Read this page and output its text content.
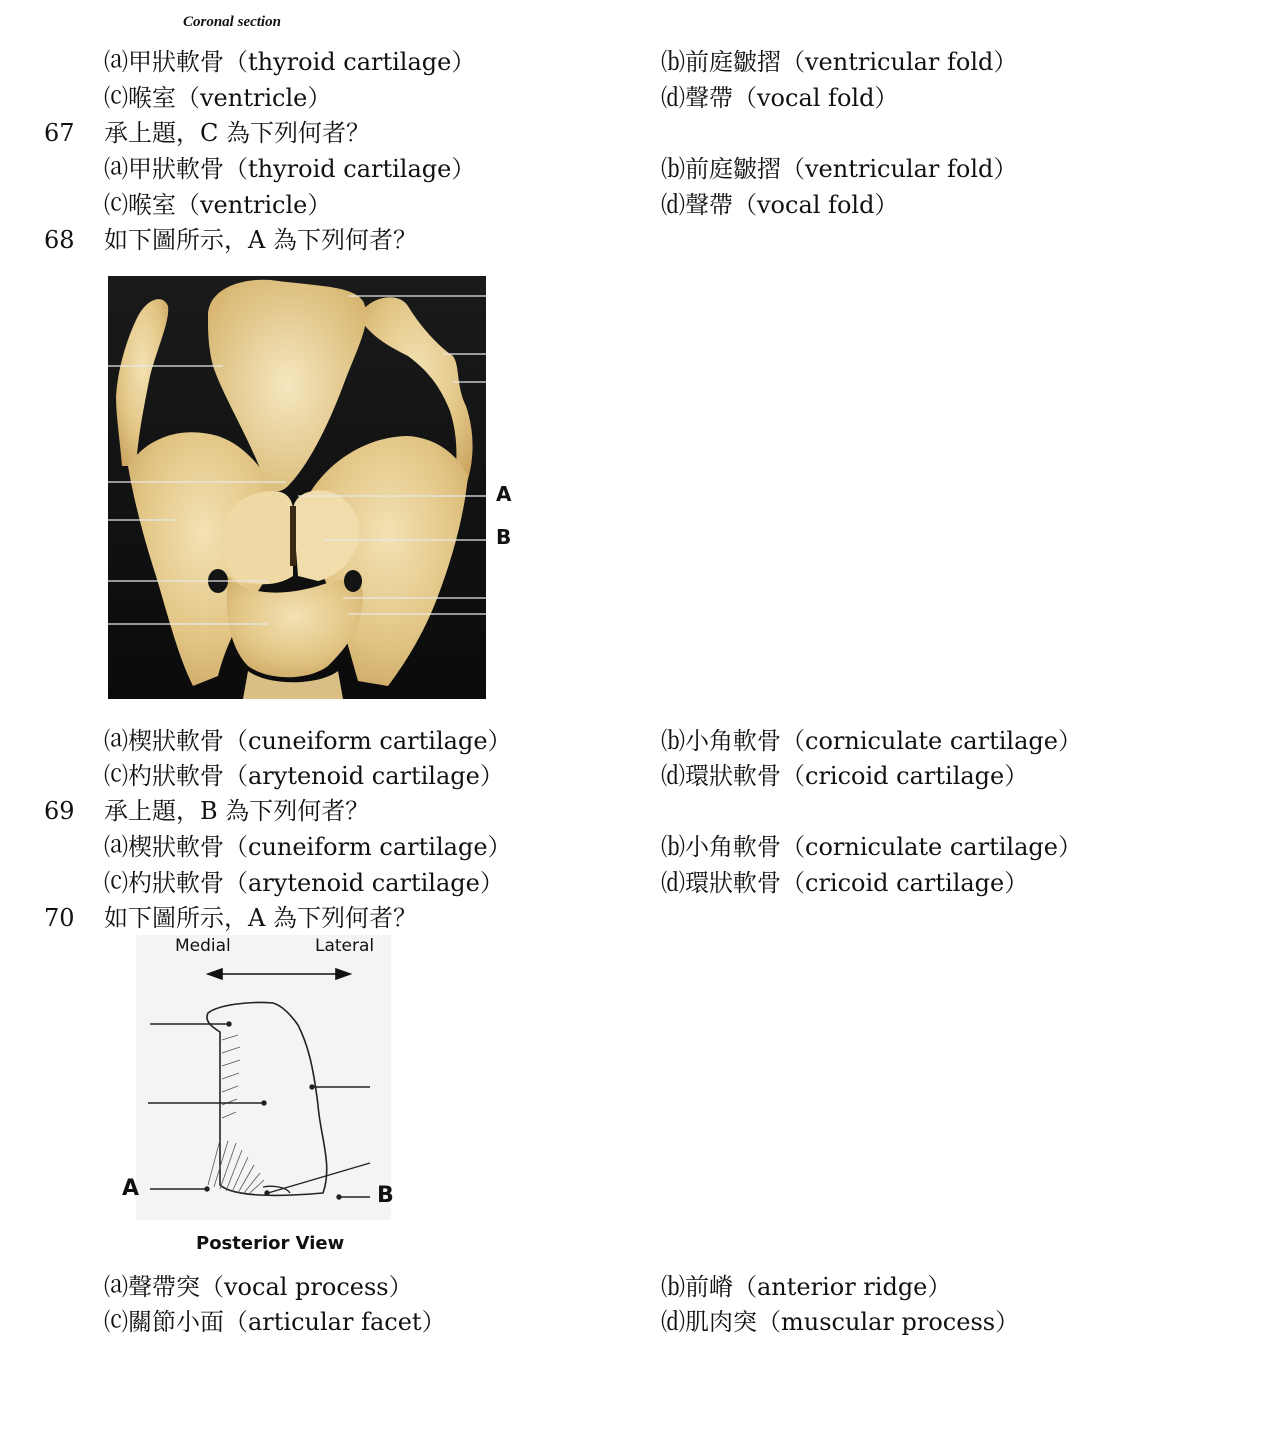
Coronal section
⒜甲狀軟骨（thyroid cartilage）	⒝前庭皺摺（ventricular fold）
⒞喉室（ventricle）	⒟聲帶（vocal fold）
67 承上題，C 為下列何者？
⒜甲狀軟骨（thyroid cartilage）	⒝前庭皺摺（ventricular fold）
⒞喉室（ventricle）	⒟聲帶（vocal fold）
68 如下圖所示，A 為下列何者？
A
B
⒜楔狀軟骨（cuneiform cartilage）	⒝小角軟骨（corniculate cartilage）
⒞杓狀軟骨（arytenoid cartilage）	⒟環狀軟骨（cricoid cartilage）
69 承上題，B 為下列何者？
⒜楔狀軟骨（cuneiform cartilage）	⒝小角軟骨（corniculate cartilage）
⒞杓狀軟骨（arytenoid cartilage）	⒟環狀軟骨（cricoid cartilage）
70 如下圖所示，A 為下列何者？
Medial	Lateral
A	B
Posterior View
⒜聲帶突（vocal process）	⒝前嵴（anterior ridge）
⒞關節小面（articular facet）	⒟肌肉突（muscular process）
